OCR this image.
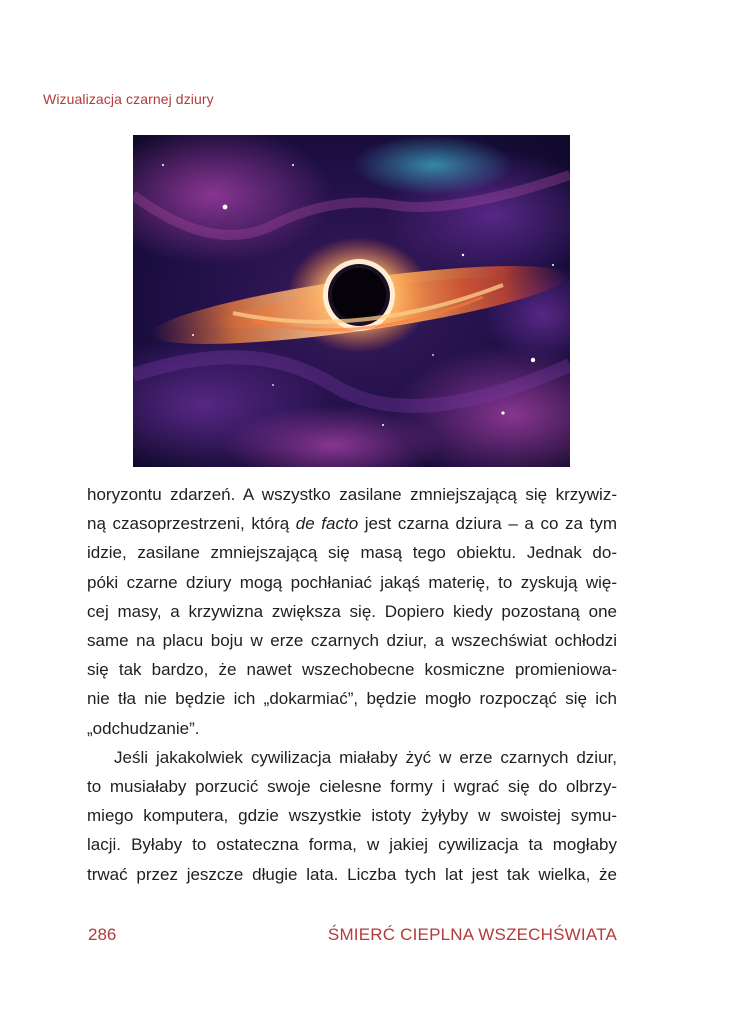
Wizualizacja czarnej dziury

horyzontu zdarzeń. A wszystko zasilane zmniejszającą się krzywiz-
ną czasoprzestrzeni, którą de facto jest czarna dziura – a co za tym
idzie, zasilane zmniejszającą się masą tego obiektu. Jednak do-
póki czarne dziury mogą pochłaniać jakąś materię, to zyskują wię-
cej masy, a krzywizna zwiększa się. Dopiero kiedy pozostaną one
same na placu boju w erze czarnych dziur, a wszechświat ochłodzi
się tak bardzo, że nawet wszechobecne kosmiczne promieniowa-
nie tła nie będzie ich „dokarmiać”, będzie mogło rozpocząć się ich
„odchudzanie”.

Jeśli jakakolwiek cywilizacja miałaby żyć w erze czarnych dziur,
to musiałaby porzucić swoje cielesne formy i wgrać się do olbrzy-
miego komputera, gdzie wszystkie istoty żyłyby w swoistej symu-
lacji. Byłaby to ostateczna forma, w jakiej cywilizacja ta mogłaby
trwać przez jeszcze długie lata. Liczba tych lat jest tak wielka, że

286	ŚMIERĆ CIEPLNA WSZECHŚWIATA
